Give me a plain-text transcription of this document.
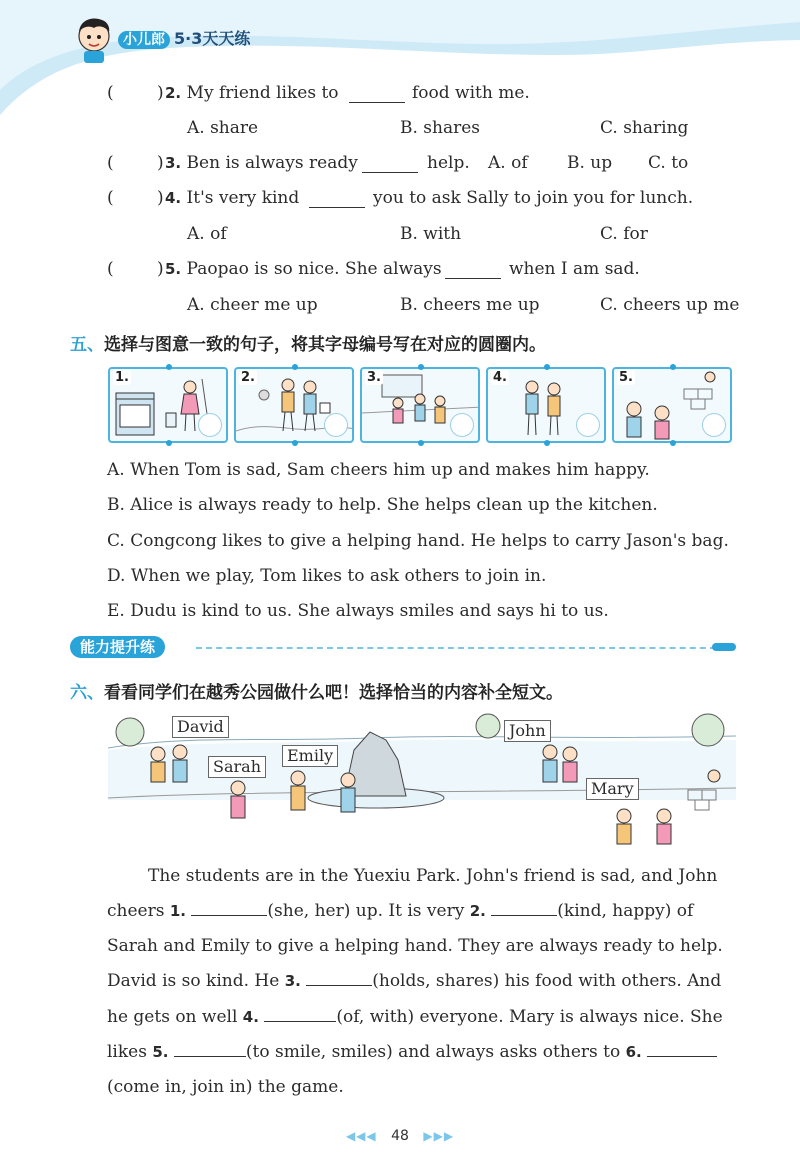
小儿郎 5·3天天练
(	) 2. My friend likes to	food with me.
A. share	B. shares	C. sharing
(	) 3. Ben is always ready	help. A. of B. up C. to
(	) 4. It's very kind	you to ask Sally to join you for lunch.
A. of	B. with	C. for
(	) 5. Paopao is so nice. She always	when I am sad.
A. cheer me up	B. cheers me up	C. cheers up me
五、选择与图意一致的句子，将其字母编号写在对应的圆圈内。
1.	2.	3.	4.	5.
A. When Tom is sad, Sam cheers him up and makes him happy.
B. Alice is always ready to help. She helps clean up the kitchen.
C. Congcong likes to give a helping hand. He helps to carry Jason's bag.
D. When we play, Tom likes to ask others to join in.
E. Dudu is kind to us. She always smiles and says hi to us.
能力提升练
六、看看同学们在越秀公园做什么吧！选择恰当的内容补全短文。
David
Sarah
Emily
John
Mary
The students are in the Yuexiu Park. John's friend is sad, and John
cheers 1.	(she, her) up. It is very 2.	(kind, happy) of
Sarah and Emily to give a helping hand. They are always ready to help.
David is so kind. He 3.	(holds, shares) his food with others. And
he gets on well 4.	(of, with) everyone. Mary is always nice. She
likes 5.	(to smile, smiles) and always asks others to 6.
(come in, join in) the game.
◀◀◀ 48 ▶▶▶
